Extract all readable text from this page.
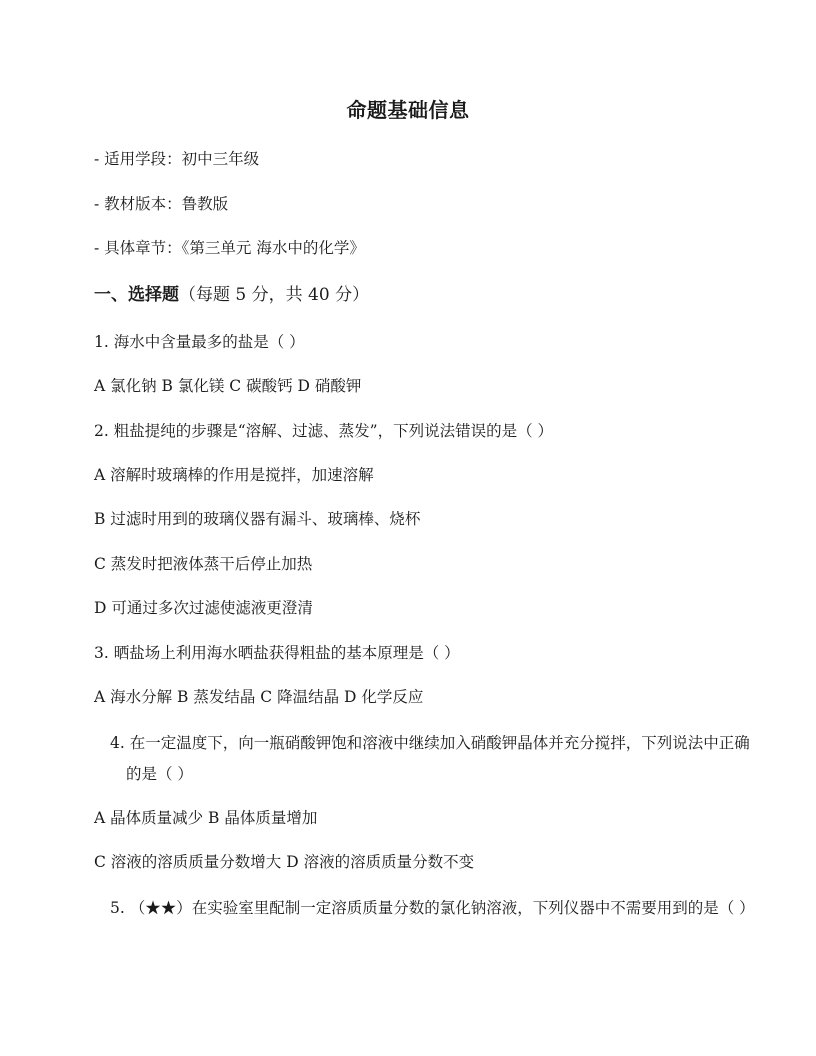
命题基础信息
- 适用学段：初中三年级
- 教材版本：鲁教版
- 具体章节：《第三单元 海水中的化学》
一、选择题（每题 5 分，共 40 分）
1. 海水中含量最多的盐是（ ）
A 氯化钠 B 氯化镁 C 碳酸钙 D 硝酸钾
2. 粗盐提纯的步骤是“溶解、过滤、蒸发”，下列说法错误的是（ ）
A 溶解时玻璃棒的作用是搅拌，加速溶解
B 过滤时用到的玻璃仪器有漏斗、玻璃棒、烧杯
C 蒸发时把液体蒸干后停止加热
D 可通过多次过滤使滤液更澄清
3. 晒盐场上利用海水晒盐获得粗盐的基本原理是（ ）
A 海水分解 B 蒸发结晶 C 降温结晶 D 化学反应
4. 在一定温度下，向一瓶硝酸钾饱和溶液中继续加入硝酸钾晶体并充分搅拌，下列说法中正确的是（ ）
A 晶体质量减少 B 晶体质量增加
C 溶液的溶质质量分数增大 D 溶液的溶质质量分数不变
5. （★★）在实验室里配制一定溶质质量分数的氯化钠溶液，下列仪器中不需要用到的是（ ）
